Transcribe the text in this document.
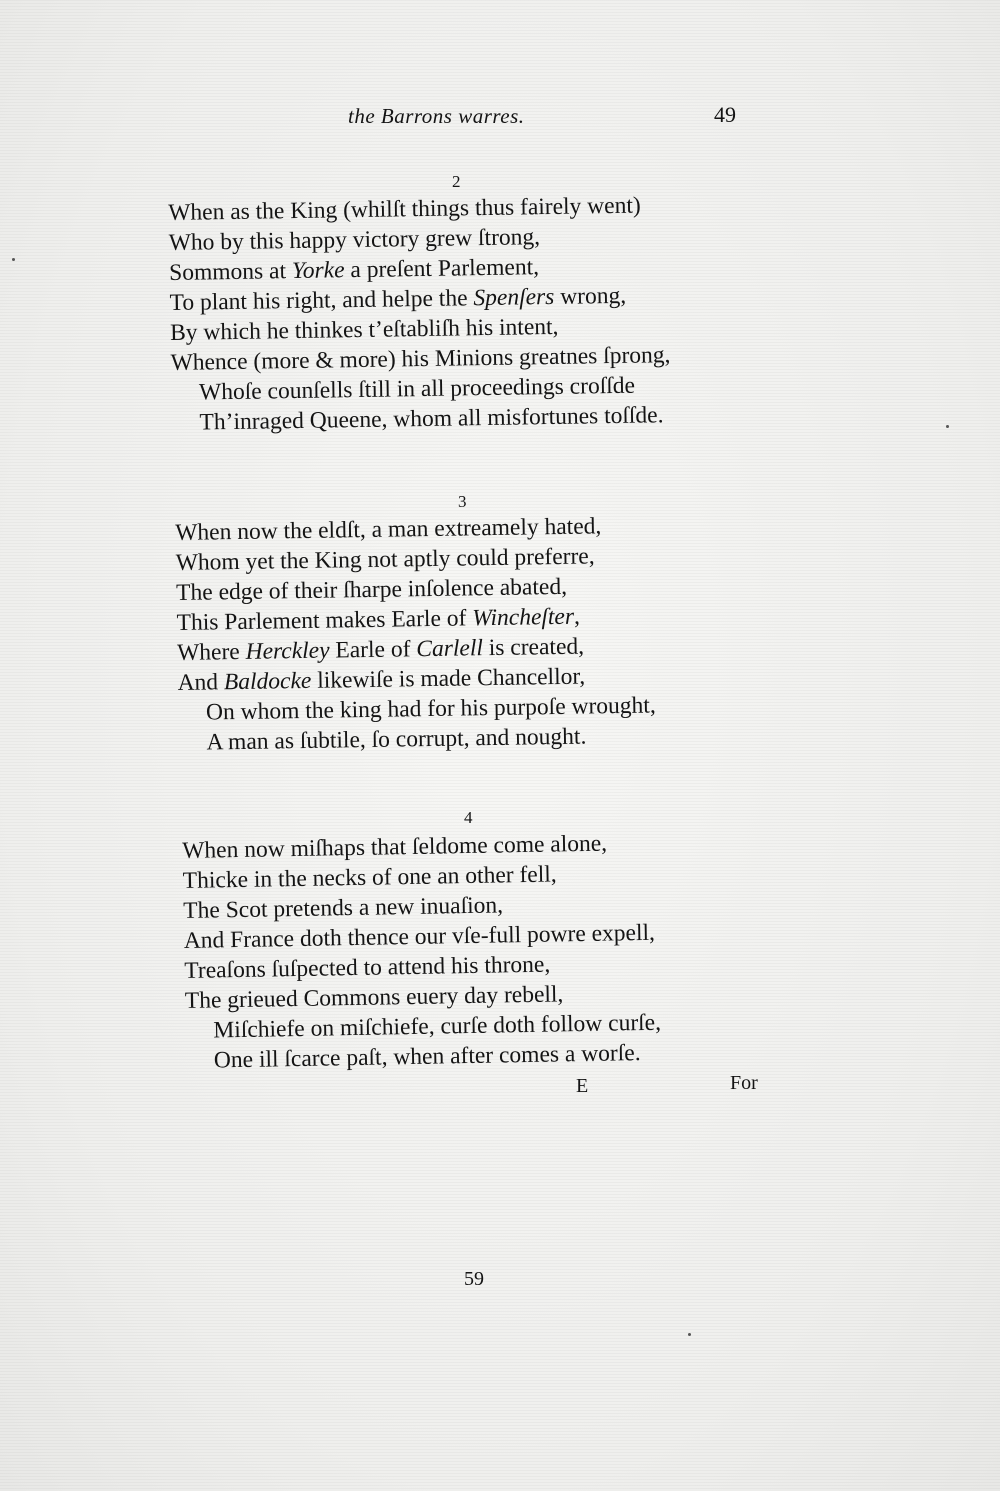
the Barrons warres.	49
2
When as the King (whilſt things thus fairely went)
Who by this happy victory grew ſtrong,
Sommons at Yorke a preſent Parlement,
To plant his right, and helpe the Spenſers wrong,
By which he thinkes t’eſtabliſh his intent,
Whence (more & more) his Minions greatnes ſprong,
Whoſe counſells ſtill in all proceedings croſſde
Th’inraged Queene, whom all misfortunes toſſde.
3
When now the eldſt, a man extreamely hated,
Whom yet the King not aptly could preferre,
The edge of their ſharpe inſolence abated,
This Parlement makes Earle of Wincheſter,
Where Herckley Earle of Carlell is created,
And Baldocke likewiſe is made Chancellor,
On whom the king had for his purpoſe wrought,
A man as ſubtile, ſo corrupt, and nought.
4
When now miſhaps that ſeldome come alone,
Thicke in the necks of one an other fell,
The Scot pretends a new inuaſion,
And France doth thence our vſe-full powre expell,
Treaſons ſuſpected to attend his throne,
The grieued Commons euery day rebell,
Miſchiefe on miſchiefe, curſe doth follow curſe,
One ill ſcarce paſt, when after comes a worſe.
E	For
59
